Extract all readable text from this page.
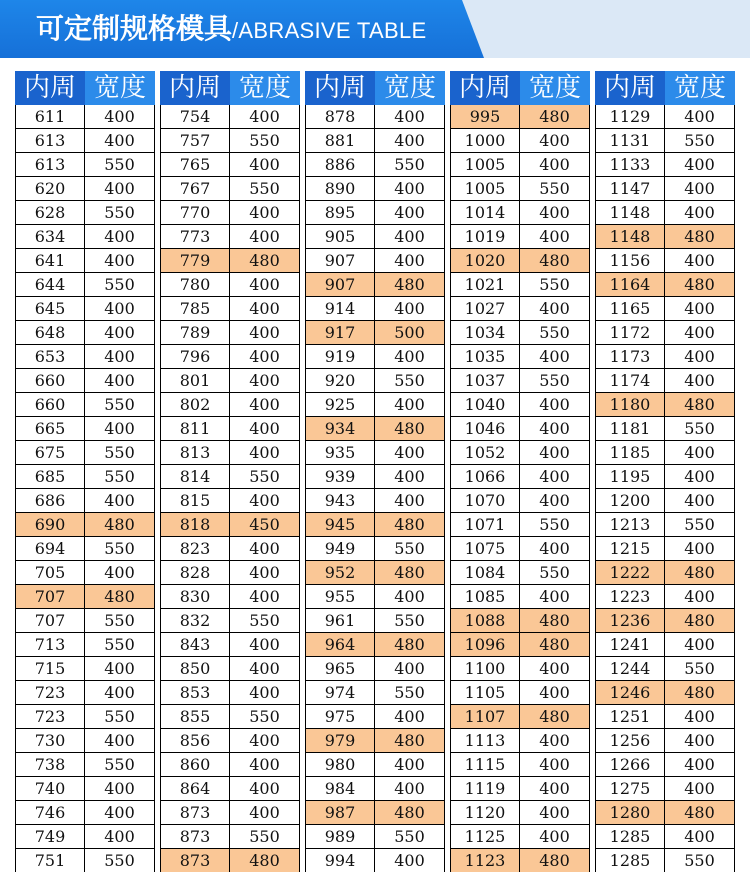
可定制规格模具/ABRASIVE TABLE
内周 宽度
611	400
613	400
613	550
620	400
628	550
634	400
641	400
644	550
645	400
648	400
653	400
660	400
660	550
665	400
675	550
685	550
686	400
690	480
694	550
705	400
707	480
707	550
713	550
715	400
723	400
723	550
730	400
738	550
740	400
746	400
749	400
751	550
内周 宽度
754	400
757	550
765	400
767	550
770	400
773	400
779	480
780	400
785	400
789	400
796	400
801	400
802	400
811	400
813	400
814	550
815	400
818	450
823	400
828	400
830	400
832	550
843	400
850	400
853	400
855	550
856	400
860	400
864	400
873	400
873	550
873	480
内周 宽度
878	400
881	400
886	550
890	400
895	400
905	400
907	400
907	480
914	400
917	500
919	400
920	550
925	400
934	480
935	400
939	400
943	400
945	480
949	550
952	480
955	400
961	550
964	480
965	400
974	550
975	400
979	480
980	400
984	400
987	480
989	550
994	400
内周 宽度
995	480
1000	400
1005	400
1005	550
1014	400
1019	400
1020	480
1021	550
1027	400
1034	550
1035	400
1037	550
1040	400
1046	400
1052	400
1066	400
1070	400
1071	550
1075	400
1084	550
1085	400
1088	480
1096	480
1100	400
1105	400
1107	480
1113	400
1115	400
1119	400
1120	400
1125	400
1123	480
内周 宽度
1129	400
1131	550
1133	400
1147	400
1148	400
1148	480
1156	400
1164	480
1165	400
1172	400
1173	400
1174	400
1180	480
1181	550
1185	400
1195	400
1200	400
1213	550
1215	400
1222	480
1223	400
1236	480
1241	400
1244	550
1246	480
1251	400
1256	400
1266	400
1275	400
1280	480
1285	400
1285	550
